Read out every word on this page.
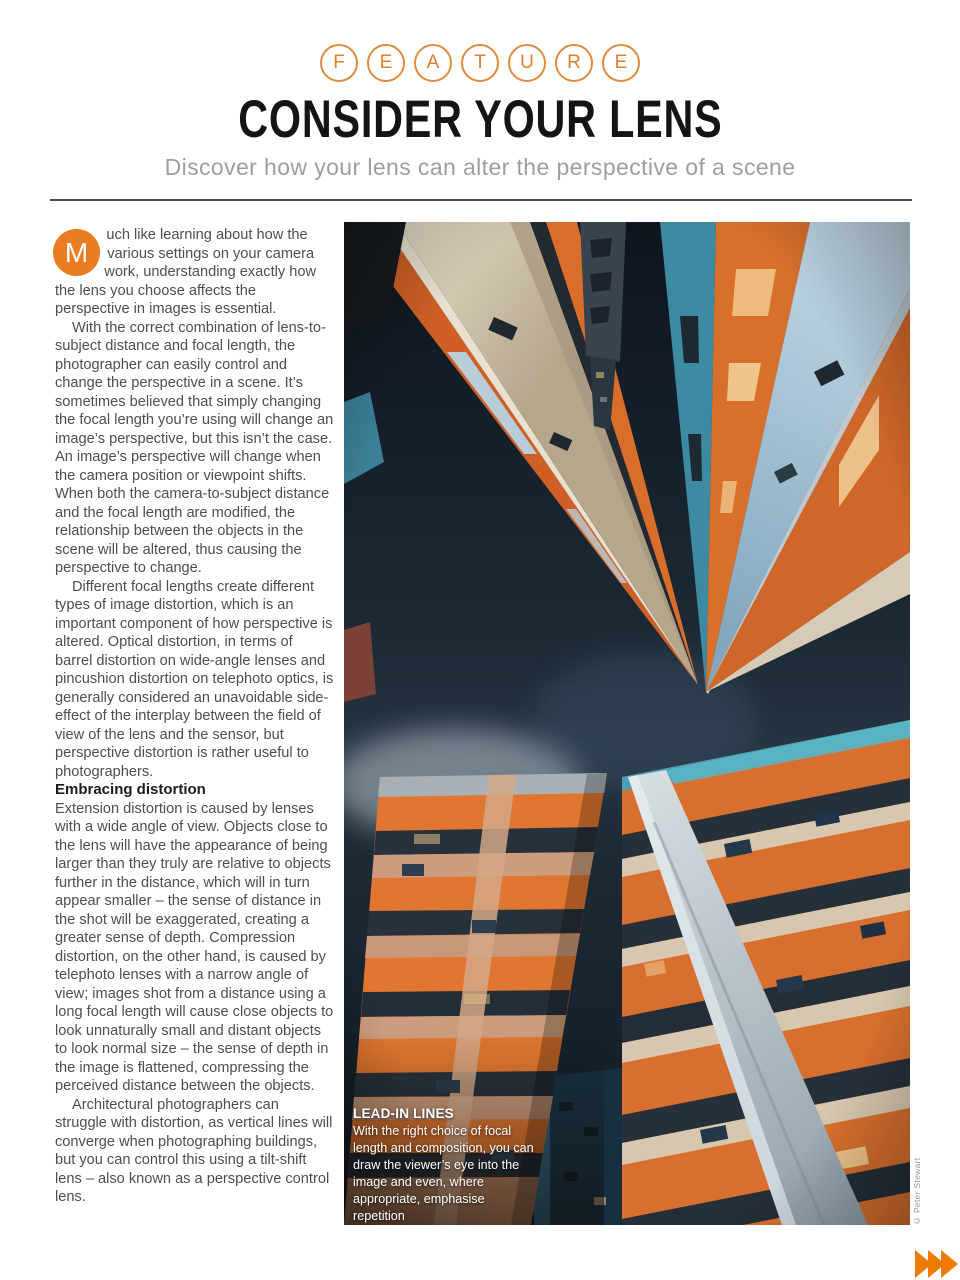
F E A T U R E
CONSIDER YOUR LENS
Discover how your lens can alter the perspective of a scene

M
uch like learning about how the various settings on your camera work, understanding exactly how the lens you choose affects the perspective in images is essential.

With the correct combination of lens-to-subject distance and focal length, the photographer can easily control and change the perspective in a scene. It’s sometimes believed that simply changing the focal length you’re using will change an image’s perspective, but this isn’t the case. An image’s perspective will change when the camera position or viewpoint shifts. When both the camera-to-subject distance and the focal length are modified, the relationship between the objects in the scene will be altered, thus causing the perspective to change.

Different focal lengths create different types of image distortion, which is an important component of how perspective is altered. Optical distortion, in terms of barrel distortion on wide-angle lenses and pincushion distortion on telephoto optics, is generally considered an unavoidable side-effect of the interplay between the field of view of the lens and the sensor, but perspective distortion is rather useful to photographers.

Embracing distortion

Extension distortion is caused by lenses with a wide angle of view. Objects close to the lens will have the appearance of being larger than they truly are relative to objects further in the distance, which will in turn appear smaller – the sense of distance in the shot will be exaggerated, creating a greater sense of depth. Compression distortion, on the other hand, is caused by telephoto lenses with a narrow angle of view; images shot from a distance using a long focal length will cause close objects to look unnaturally small and distant objects to look normal size – the sense of depth in the image is flattened, compressing the perceived distance between the objects.

Architectural photographers can struggle with distortion, as vertical lines will converge when photographing buildings, but you can control this using a tilt-shift lens – also known as a perspective control lens.

LEAD-IN LINES

With the right choice of focal length and composition, you can draw the viewer’s eye into the image and even, where appropriate, emphasise repetition	© Peter Stewart
